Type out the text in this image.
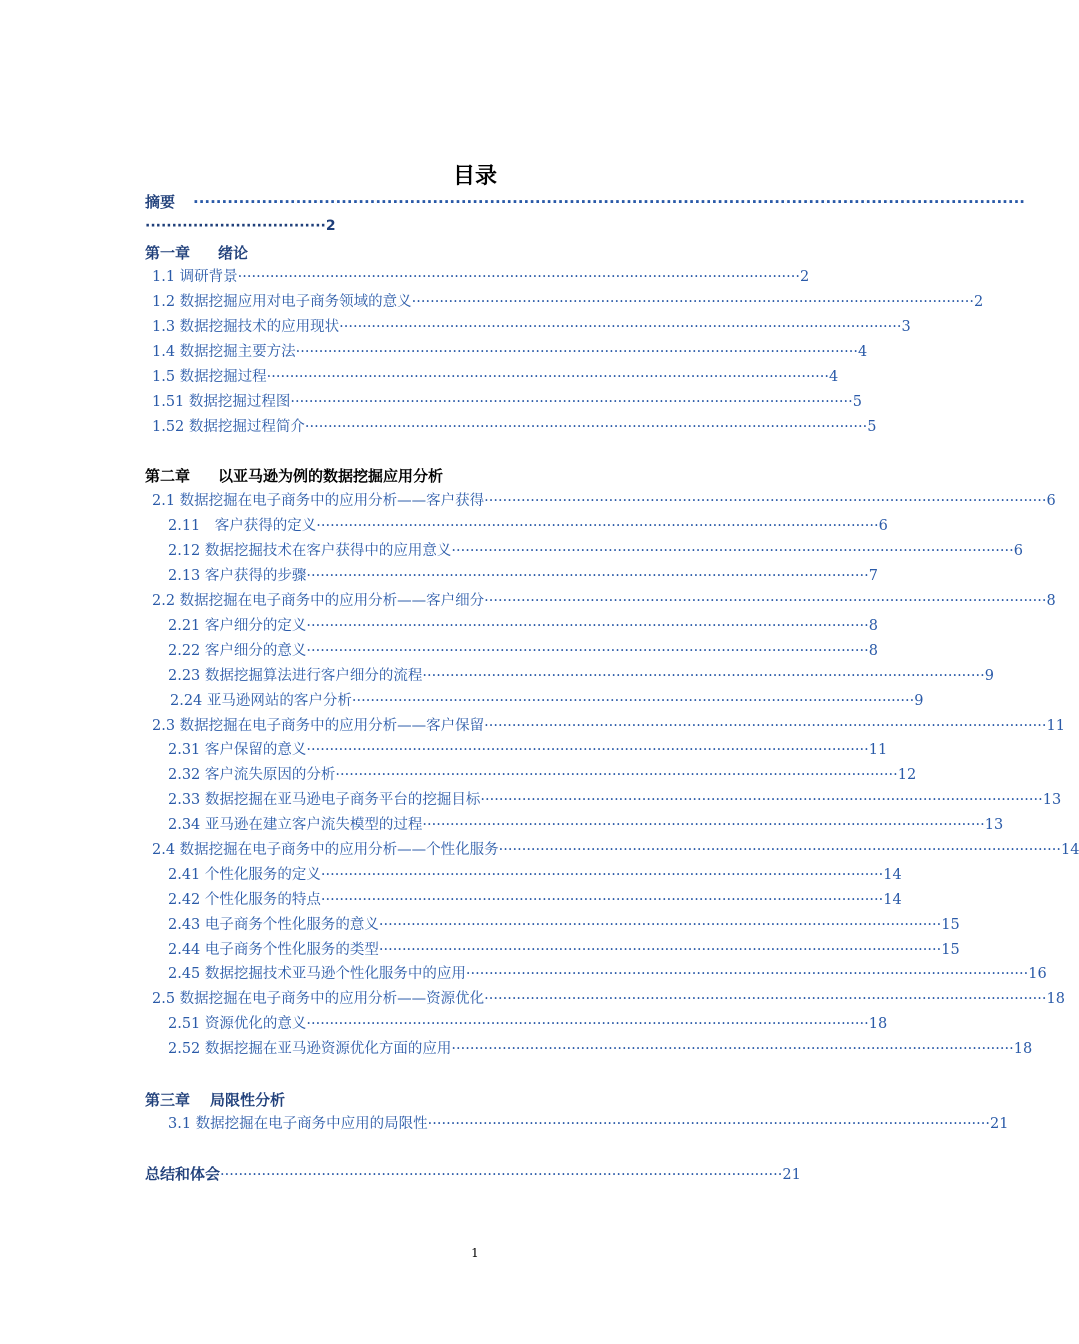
目录
摘要	··················································································································································
··································2
第一章 绪论
1.1 调研背景 ·························································································································· 2
1.2 数据挖掘应用对电子商务领域的意义 ·························································································································· 2
1.3 数据挖掘技术的应用现状 ·························································································································· 3
1.4 数据挖掘主要方法 ·························································································································· 4
1.5 数据挖掘过程 ·························································································································· 4
1.51 数据挖掘过程图 ·························································································································· 5
1.52 数据挖掘过程简介 ·························································································································· 5
第二章 以亚马逊为例的数据挖掘应用分析
2.1 数据挖掘在电子商务中的应用分析——客户获得 ·························································································································· 6
2.11　客户获得的定义 ·························································································································· 6
2.12 数据挖掘技术在客户获得中的应用意义 ·························································································································· 6
2.13 客户获得的步骤 ·························································································································· 7
2.2 数据挖掘在电子商务中的应用分析——客户细分 ·························································································································· 8
2.21 客户细分的定义 ·························································································································· 8
2.22 客户细分的意义 ·························································································································· 8
2.23 数据挖掘算法进行客户细分的流程 ·························································································································· 9
2.24 亚马逊网站的客户分析 ·························································································································· 9
2.3 数据挖掘在电子商务中的应用分析——客户保留 ·························································································································· 11
2.31 客户保留的意义 ·························································································································· 11
2.32 客户流失原因的分析 ·························································································································· 12
2.33 数据挖掘在亚马逊电子商务平台的挖掘目标 ·························································································································· 13
2.34 亚马逊在建立客户流失模型的过程 ·························································································································· 13
2.4 数据挖掘在电子商务中的应用分析——个性化服务 ·························································································································· 14
2.41 个性化服务的定义 ·························································································································· 14
2.42 个性化服务的特点 ·························································································································· 14
2.43 电子商务个性化服务的意义 ·························································································································· 15
2.44 电子商务个性化服务的类型 ·························································································································· 15
2.45 数据挖掘技术亚马逊个性化服务中的应用 ·························································································································· 16
2.5 数据挖掘在电子商务中的应用分析——资源优化 ·························································································································· 18
2.51 资源优化的意义 ·························································································································· 18
2.52 数据挖掘在亚马逊资源优化方面的应用 ·························································································································· 18
第三章 局限性分析
3.1 数据挖掘在电子商务中应用的局限性 ·························································································································· 21
总结和体会 ·························································································································· 21
1
